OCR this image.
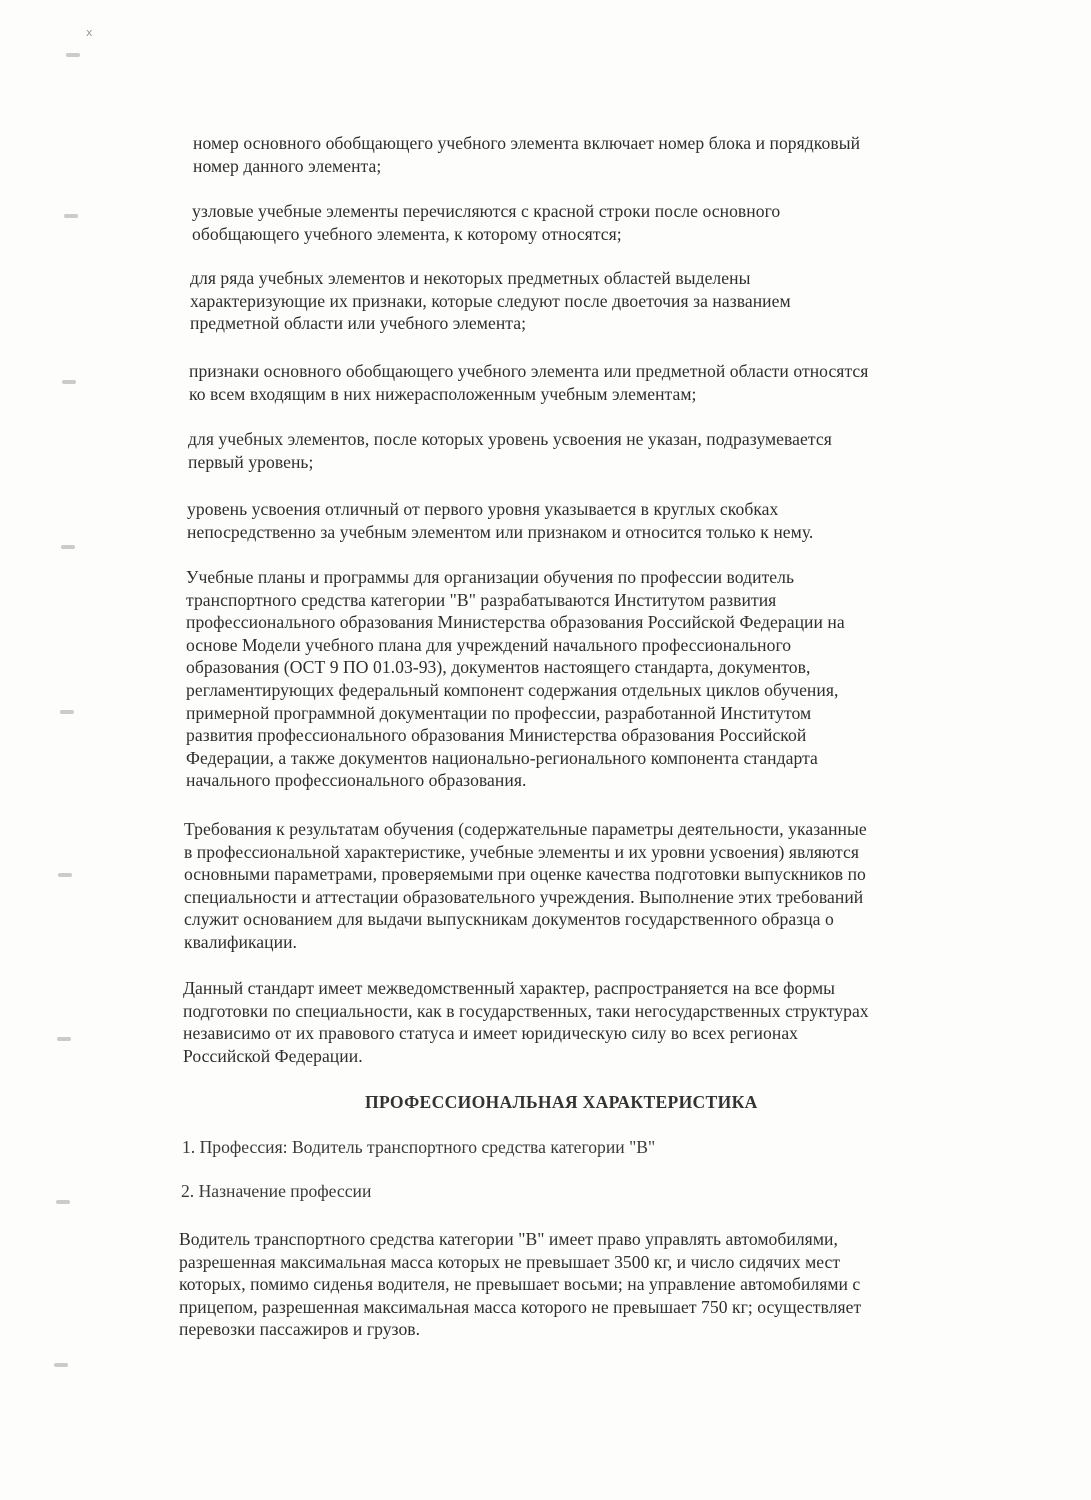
х

номер основного обобщающего учебного элемента включает номер блока и порядковый
номер данного элемента;

узловые учебные элементы перечисляются с красной строки после основного
обобщающего учебного элемента, к которому относятся;

для ряда учебных элементов и некоторых предметных областей выделены
характеризующие их признаки, которые следуют после двоеточия за названием
предметной области или учебного элемента;

признаки основного обобщающего учебного элемента или предметной области относятся
ко всем входящим в них нижерасположенным учебным элементам;

для учебных элементов, после которых уровень усвоения не указан, подразумевается
первый уровень;

уровень усвоения отличный от первого уровня указывается в круглых скобках
непосредственно за учебным элементом или признаком и относится только к нему.

Учебные планы и программы для организации обучения по профессии водитель
транспортного средства категории "В" разрабатываются Институтом развития
профессионального образования Министерства образования Российской Федерации на
основе Модели учебного плана для учреждений начального профессионального
образования (ОСТ 9 ПО 01.03-93), документов настоящего стандарта, документов,
регламентирующих федеральный компонент содержания отдельных циклов обучения,
примерной программной документации по профессии, разработанной Институтом
развития профессионального образования Министерства образования Российской
Федерации, а также документов национально-регионального компонента стандарта
начального профессионального образования.

Требования к результатам обучения (содержательные параметры деятельности, указанные
в профессиональной характеристике, учебные элементы и их уровни усвоения) являются
основными параметрами, проверяемыми при оценке качества подготовки выпускников по
специальности и аттестации образовательного учреждения. Выполнение этих требований
служит основанием для выдачи выпускникам документов государственного образца о
квалификации.

Данный стандарт имеет межведомственный характер, распространяется на все формы
подготовки по специальности, как в государственных, таки негосударственных структурах
независимо от их правового статуса и имеет юридическую силу во всех регионах
Российской Федерации.

ПРОФЕССИОНАЛЬНАЯ ХАРАКТЕРИСТИКА

1. Профессия: Водитель транспортного средства категории "В"

2. Назначение профессии

Водитель транспортного средства категории "В" имеет право управлять автомобилями,
разрешенная максимальная масса которых не превышает 3500 кг, и число сидячих мест
которых, помимо сиденья водителя, не превышает восьми; на управление автомобилями с
прицепом, разрешенная максимальная масса которого не превышает 750 кг; осуществляет
перевозки пассажиров и грузов.
